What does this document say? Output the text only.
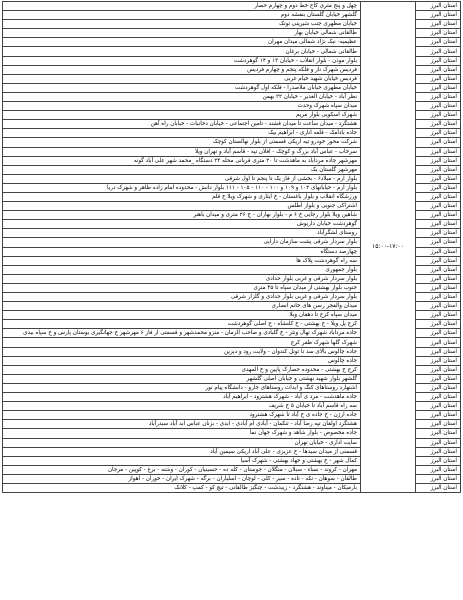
استان البرز	۱۵:۰۰-۱۷:۰۰	چهل و پنج متری کاج خط دوم و چهارم حصار
استان البرز		گلشهر خیابان گلستان بنفشه دوم
استان البرز		خیابان مطهری جنب شیرینی توتک
استان البرز		طالقانی شمالی خیابان بهار
استان البرز		عظیمیه- نبک نژاد شمالی میدان مهران
استان البرز		طالقانی شمالی - خیابان برغان
استان البرز		بلوار موذن - بلوار انقلاب - خیابان ۱۳ و ۱۴ گوهردشت
استان البرز		فردیس شهرک ناز و فلکه پنجم و چهارم فردیس
استان البرز		فردیس خیابان شهید خیام غربی
استان البرز		خیابان مطهری خیابان ملاصدرا - فلکه اول گوهردشت
استان البرز		نظر آباد - خیابان الغدیر - خیابان ۲۲ بهمن
استان البرز		میدان سپاه شهرک وحدت
استان البرز		شهرک اسکویی بلوار مریم
استان البرز		هشتگرد - میدان ساعت تا میدان قشند - تامین اجتماعی - خیابان دخانیات - خیابان راه آهن
استان البرز		جاده بادامک - قلعه اناری - ابراهیم بیک
استان البرز		شرکت محور خودرو تیه اریکی قسمتی از بلوار نهالستان کوچک
استان البرز		سرخاب - عباس آباد بزرگ و کوچک - افلان تپه - قاسم آباد و تهران ویلا
استان البرز		مهرشهر جاده مرداباد به ماهدشت تا ۲۰ متری قربانی محله ۲۴ دستگاه _محمد شهر علی آباد گونه
استان البرز		مهرشهر گلستان یک
استان البرز		بلوار ارم - میلاد۶ - بخشی از فاز یک تا پنجم تا اول شرقی
استان البرز		بلوار ارم - خیابانهای ۱۰۲ و ۱۰۹ و ۱۰۰ - ۱۱۰ - ۱۰۵ - ۱۱۱ بلوار دانش - محدوده امام زاده طاهر و شهرک دریا
استان البرز		ورزشگاه انقلاب و بلوار باغستان - خ ایثاری و شهرک ویلا خ قلم
استان البرز		اشتراکی جنوبی و بلوار اطلس
استان البرز		شاهین ویلا بلوار رجایی خ ۶ م - بلوار بهاران - خ ۲۶ متری و میدان باهنر
استان البرز		گوهردشت خیابان داریوش
استان البرز		روستای لشگرآباد
استان البرز		بلوار سردار شرقی پشت سازمان دارایی
استان البرز		چهارصد دستگاه
استان البرز		سه راه گوهردشت پلاک ها
استان البرز		بلوار جمهوری
استان البرز		بلوار سردار شرقی و غربی بلوار حدادی
استان البرز		جنوب بلوار بهشتی از میدان سپاه تا ۴۵ متری
استان البرز		بلوار سردار شرقی و غربی بلوار حدادی و گلزار شرقی
استان البرز		میدان والفجر رسن های خانم انصاری
استان البرز		میدان سپاه کرج تا دهقان ویلا
استان البرز		کرج پل ویلا - خ بهشتی - خ کلنشاه - خ اصلی گوهردشت
استان البرز		جاده مرداباد شهرک نهال ونثر - خ گلبادی و صاحب الزمان - منزو محمدشهر و قسمتی از فاز ۶ مهرشهر خ جهانگیری بوستان پارس و خ سپاه بیدی
استان البرز		شهرک گلها شهرک ظفر کرج
استان البرز		جاده چالوس بالای سد تا تونل کندوان - ولایت رود و دیزین
استان البرز		جاده چالوس
استان البرز		کرج خ بهشتی - محدوده حصارک پایین و خ المهدی
استان البرز		گلشهر بلوار شهید بهشتی و خیابان اصلی گلشهر
استان البرز		اشتهارد روستاهای کنگ و ابدات روستاهای جارو - دانشگاه پیام نور
استان البرز		جاده ماهدشت - مرد ی آباد - شهرک هشترود - ابراهیم آباد
استان البرز		سه راه قاسم آباد تا خیابان ۵ خ شریف
استان البرز		جاده ارژن - خ جاده ی خ آباد تا شهرک هشترود
استان البرز		هشتگرد اولقان تپه رضا آباد - تنکمان - آبادی ام آبادی - ابدی - بزنان عباس ابد آباد سیدرآباد
استان البرز		جاده مخصوص - بلوار شاهد و شهرک جهان نما
استان البرز		سایت اداری - خیابان تهران
استان البرز		قسمتی از میدان سیدها - خ عزیزی - علی آباد اریکی سیمین آباد
استان البرز		کمال شهر - خ بهشتی و جهاد بهشتی - شهرک آسیا
استان البرز		مهران - کروند - نساء - سبلان - منگلان - جوستان - کله ده - حسینیان - کوران - وشته - برغ - کوپین - مرجان
استان البرز		طالقان - سوهان - تکه - تاده - سیر - کلی - لوچان - اسلیاران - برگه - شهرک ایران - خوران - اهواز
استان البرز		بارمیکان - میناوند - هشتگرد - زیبدشت - چنگیز طالقانی - تیچ کو - کمپ - کلانک
